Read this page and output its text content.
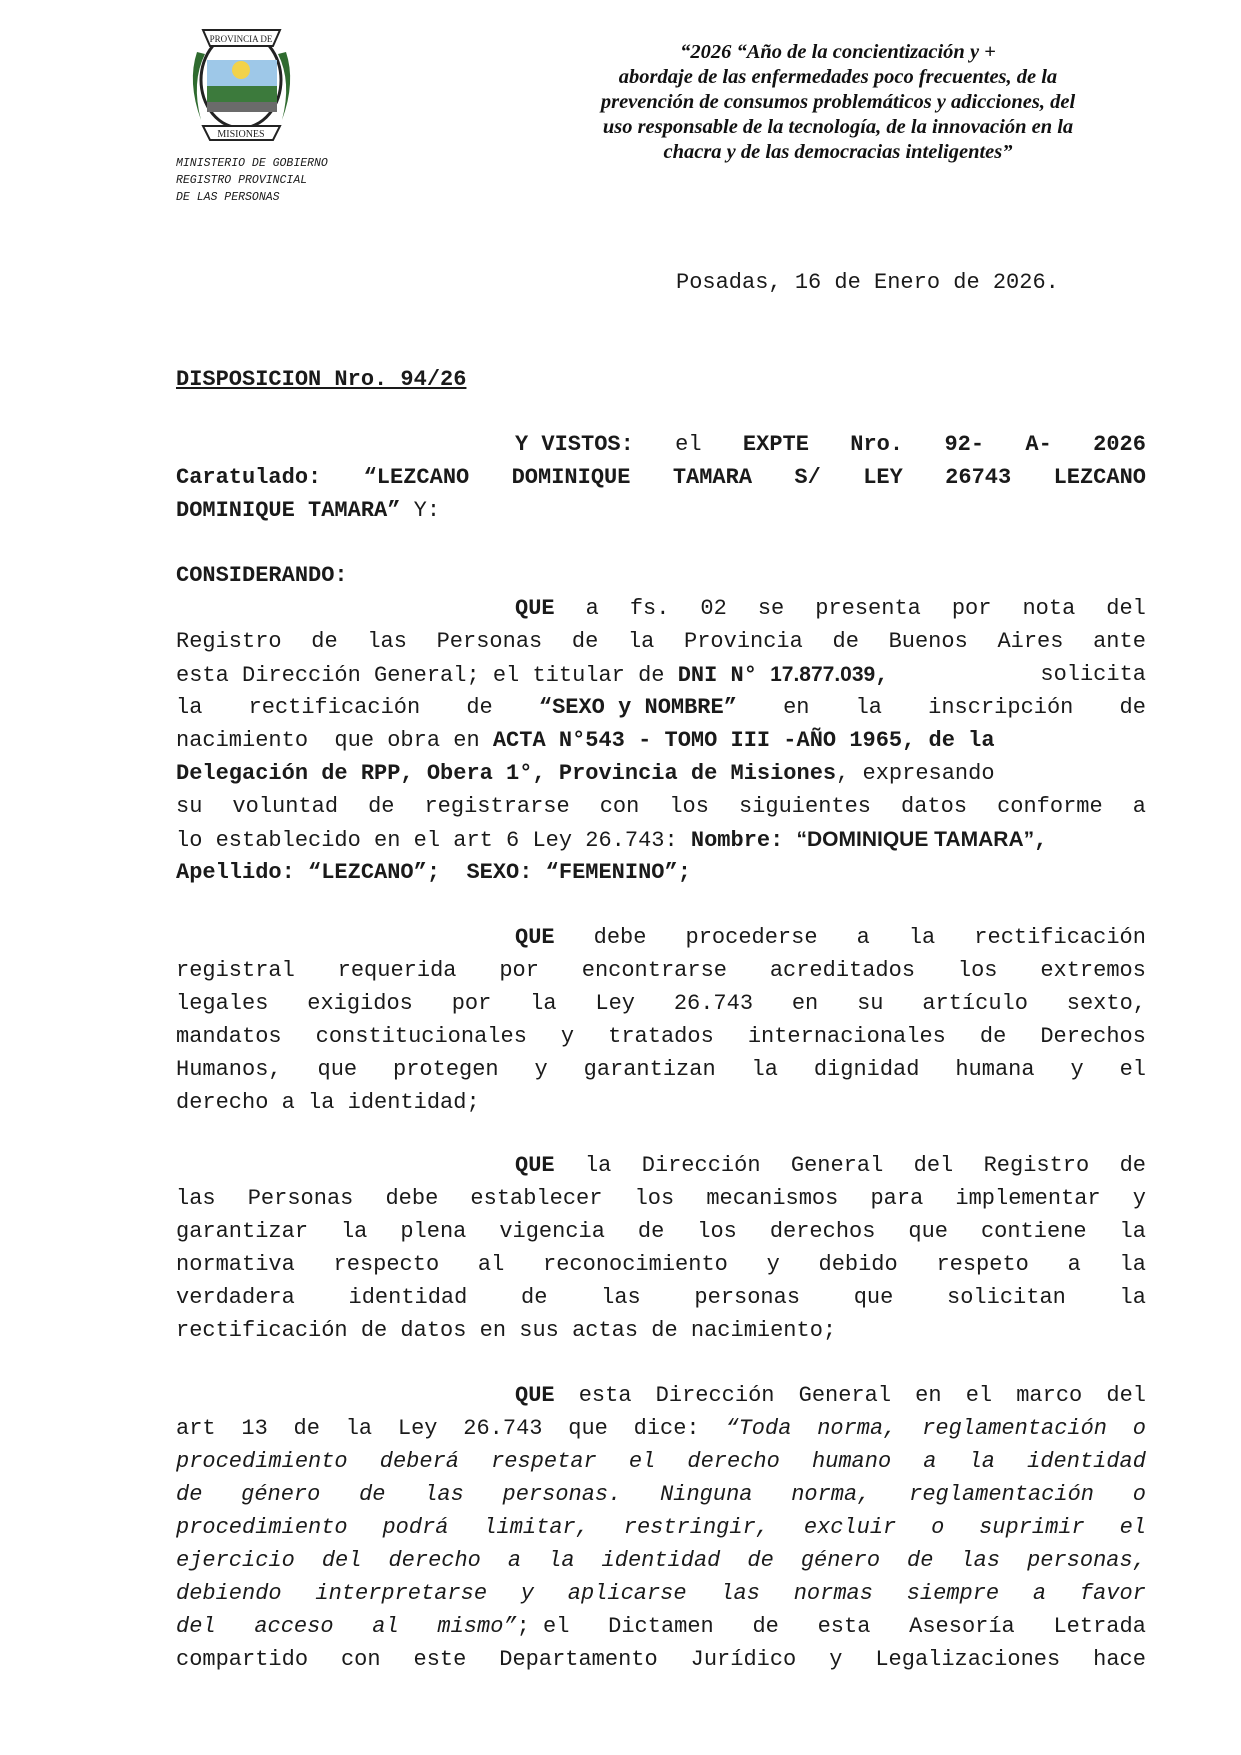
PROVINCIA DE
MISIONES
MINISTERIO DE GOBIERNO
REGISTRO PROVINCIAL
DE LAS PERSONAS
“2026 “Año de la concientización y +
abordaje de las enfermedades poco frecuentes, de la
prevención de consumos problemáticos y adicciones, del
uso responsable de la tecnología, de la innovación en la
chacra y de las democracias inteligentes”
Posadas, 16 de Enero de 2026.
DISPOSICION Nro. 94/26
Y VISTOS: el EXPTE Nro. 92- A- 2026
Caratulado: “LEZCANO DOMINIQUE TAMARA S/ LEY 26743 LEZCANO
DOMINIQUE TAMARA” Y:
CONSIDERANDO:
QUE a fs. 02 se presenta por nota del
Registro de las Personas de la Provincia de Buenos Aires ante
esta Dirección General; el titular de DNI N° 17.877.039,	solicita
la rectificación de “SEXO y NOMBRE” en la inscripción de
nacimiento  que obra en ACTA N°543 - TOMO III -AÑO 1965, de la
Delegación de RPP, Obera 1°, Provincia de Misiones, expresando
su voluntad de registrarse con los siguientes datos conforme a
lo establecido en el art 6 Ley 26.743: Nombre: “DOMINIQUE TAMARA”,
Apellido: “LEZCANO”; SEXO: “FEMENINO”;
QUE debe procederse a la rectificación
registral requerida por encontrarse acreditados los extremos
legales exigidos por la Ley 26.743 en su artículo sexto,
mandatos constitucionales y tratados internacionales de Derechos
Humanos, que protegen y garantizan la dignidad humana y el
derecho a la identidad;
QUE la Dirección General del Registro de
las Personas debe establecer los mecanismos para implementar y
garantizar la plena vigencia de los derechos que contiene la
normativa respecto al reconocimiento y debido respeto a la
verdadera identidad de las personas que solicitan la
rectificación de datos en sus actas de nacimiento;
QUE esta Dirección General en el marco del
art 13 de la Ley 26.743 que dice: “Toda norma, reglamentación o
procedimiento deberá respetar el derecho humano a la identidad
de género de las personas. Ninguna norma, reglamentación o
procedimiento podrá limitar, restringir, excluir o suprimir el
ejercicio del derecho a la identidad de género de las personas,
debiendo interpretarse y aplicarse las normas siempre a favor
del acceso al mismo”; el Dictamen de esta Asesoría Letrada
compartido con este Departamento Jurídico y Legalizaciones hace
